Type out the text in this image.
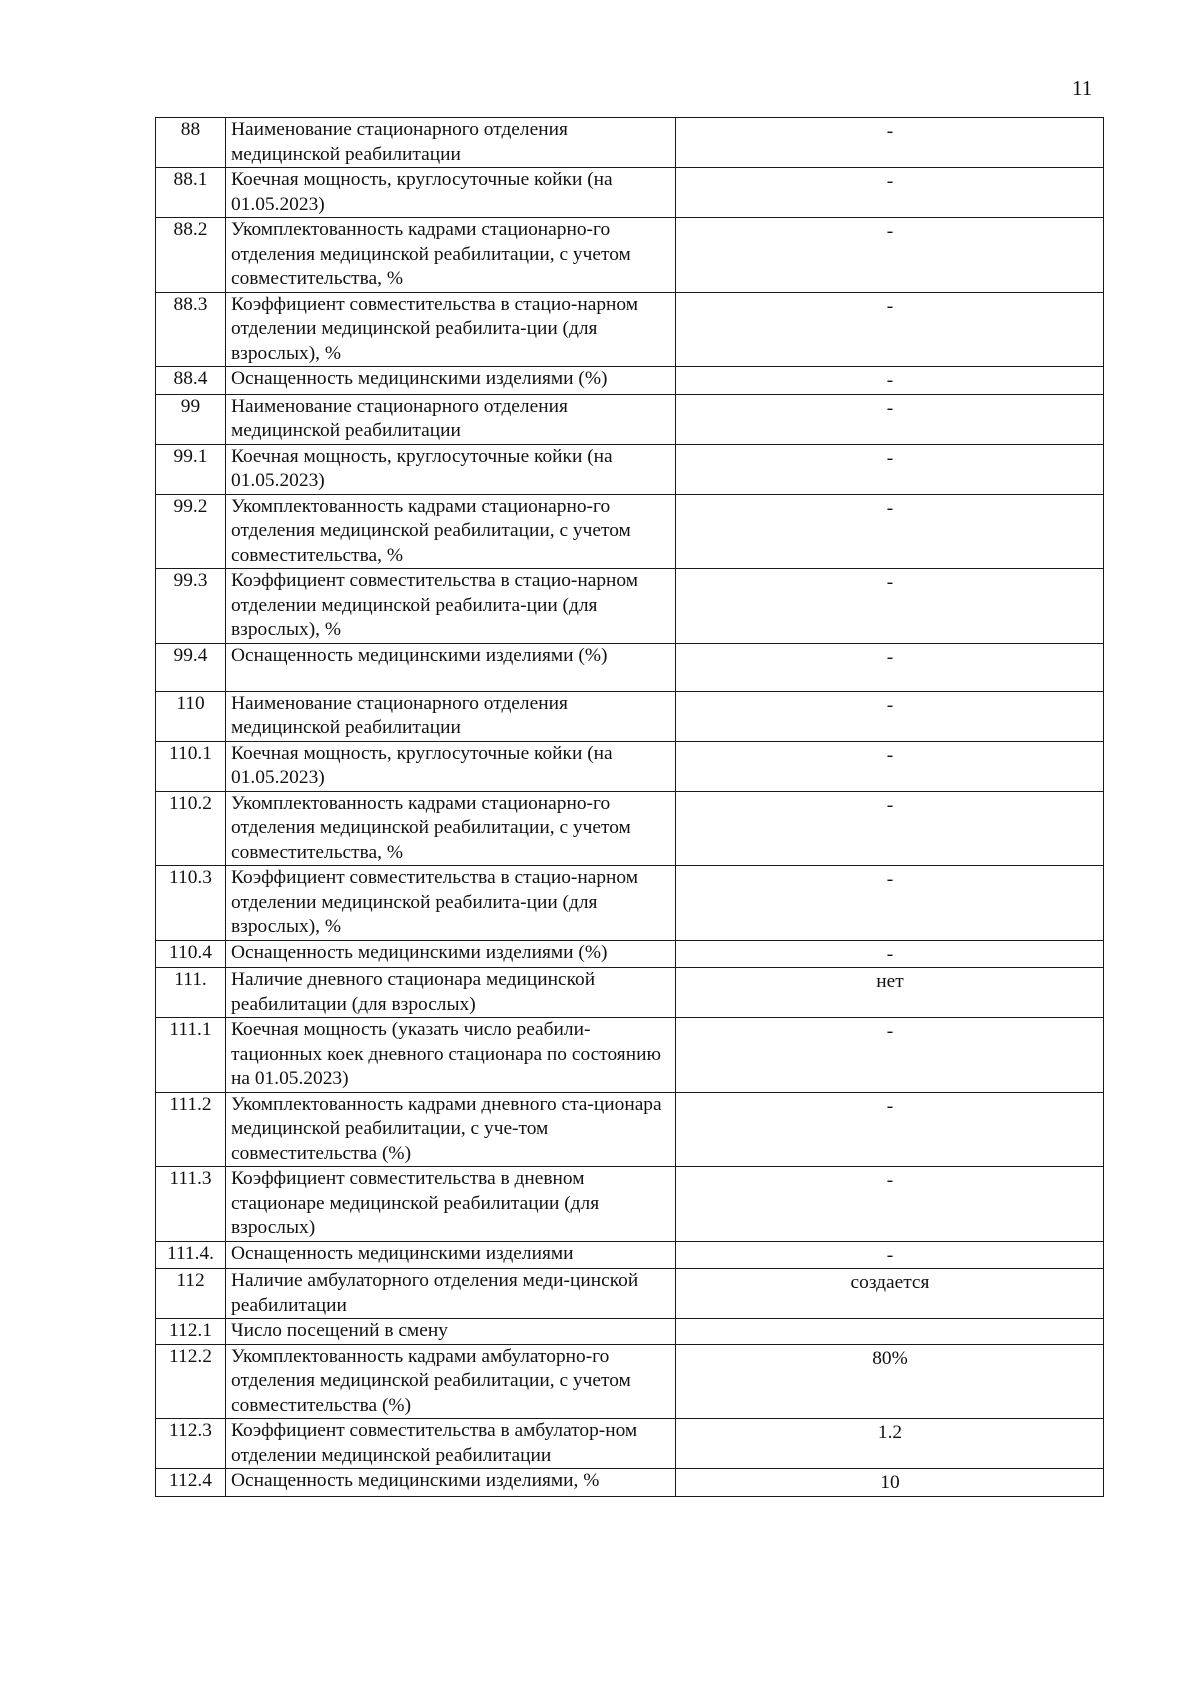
11
88	Наименование стационарного отделения медицинской реабилитации	-
88.1	Коечная мощность, круглосуточные койки (на 01.05.2023)	-
88.2	Укомплектованность кадрами стационарно-го отделения медицинской реабилитации, с учетом совместительства, %	-
88.3	Коэффициент совместительства в стацио-нарном отделении медицинской реабилита-ции (для взрослых), %	-
88.4	Оснащенность медицинскими изделиями (%)	-
99	Наименование стационарного отделения медицинской реабилитации	-
99.1	Коечная мощность, круглосуточные койки (на 01.05.2023)	-
99.2	Укомплектованность кадрами стационарно-го отделения медицинской реабилитации, с учетом совместительства, %	-
99.3	Коэффициент совместительства в стацио-нарном отделении медицинской реабилита-ции (для взрослых), %	-
99.4	Оснащенность медицинскими изделиями (%)	-
110	Наименование стационарного отделения медицинской реабилитации	-
110.1	Коечная мощность, круглосуточные койки (на 01.05.2023)	-
110.2	Укомплектованность кадрами стационарно-го отделения медицинской реабилитации, с учетом совместительства, %	-
110.3	Коэффициент совместительства в стацио-нарном отделении медицинской реабилита-ции (для взрослых), %	-
110.4	Оснащенность медицинскими изделиями (%)	-
111.	Наличие дневного стационара медицинской реабилитации (для взрослых)	нет
111.1	Коечная мощность (указать число реабили-тационных коек дневного стационара по состоянию на 01.05.2023)	-
111.2	Укомплектованность кадрами дневного ста-ционара медицинской реабилитации, с уче-том совместительства (%)	-
111.3	Коэффициент совместительства в дневном стационаре медицинской реабилитации (для взрослых)	-
111.4.	Оснащенность медицинскими изделиями	-
112	Наличие амбулаторного отделения меди-цинской реабилитации	создается
112.1	Число посещений в смену	
112.2	Укомплектованность кадрами амбулаторно-го отделения медицинской реабилитации, с учетом совместительства (%)	80%
112.3	Коэффициент совместительства в амбулатор-ном отделении медицинской реабилитации	1.2
112.4	Оснащенность медицинскими изделиями, %	10
